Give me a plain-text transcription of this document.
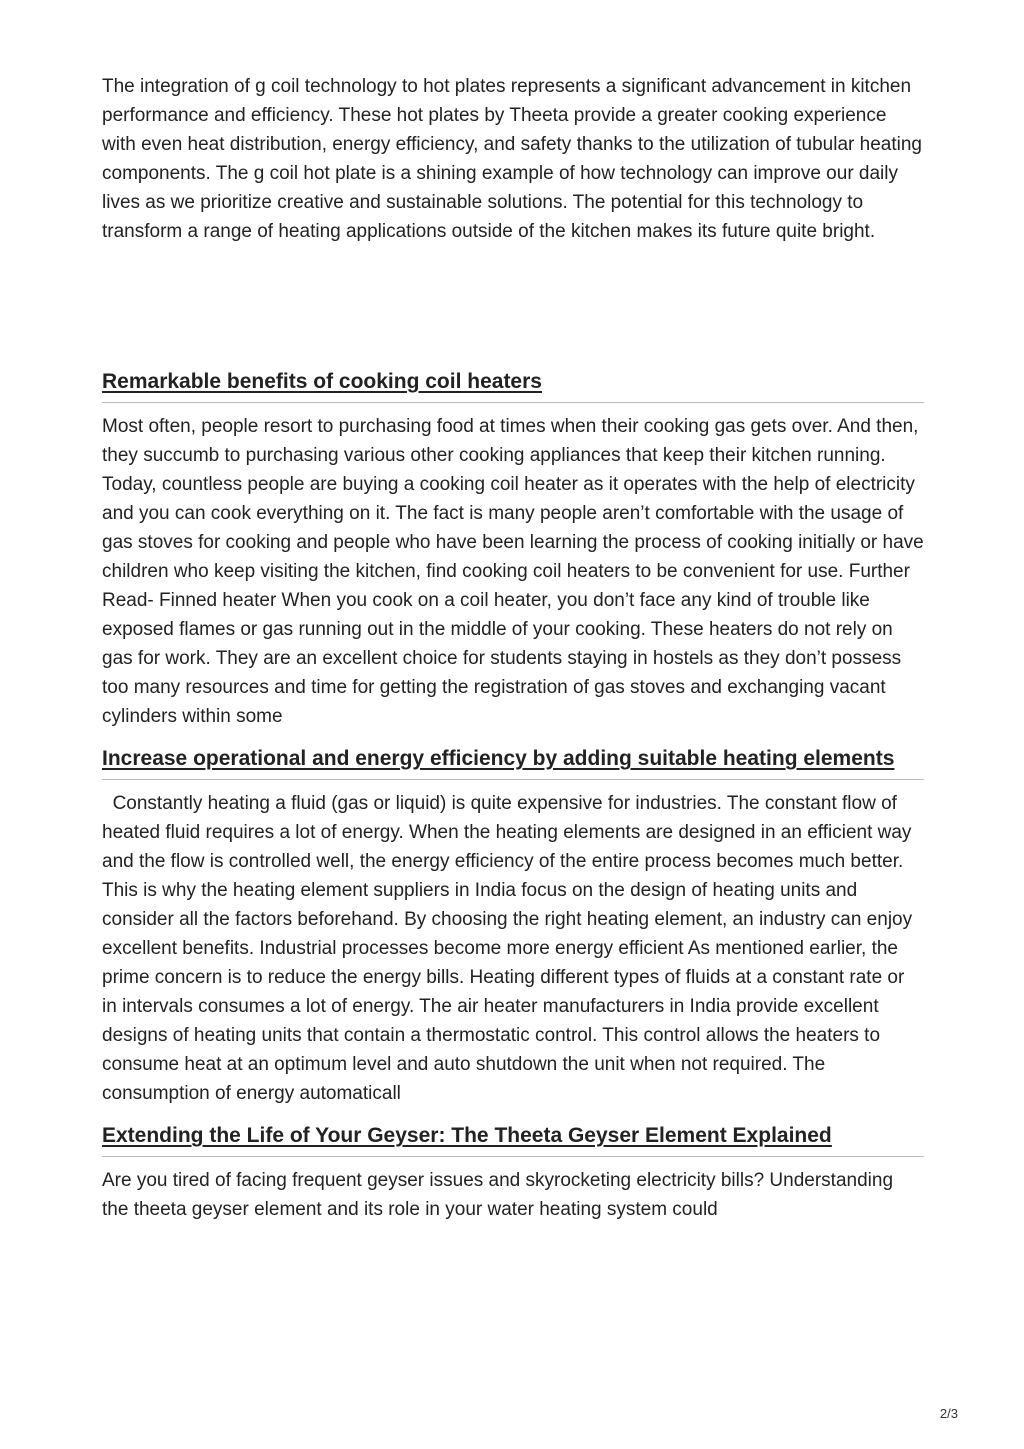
The integration of g coil technology to hot plates represents a significant advancement in kitchen performance and efficiency. These hot plates by Theeta provide a greater cooking experience with even heat distribution, energy efficiency, and safety thanks to the utilization of tubular heating components. The g coil hot plate is a shining example of how technology can improve our daily lives as we prioritize creative and sustainable solutions. The potential for this technology to transform a range of heating applications outside of the kitchen makes its future quite bright.

Remarkable benefits of cooking coil heaters

Most often, people resort to purchasing food at times when their cooking gas gets over. And then, they succumb to purchasing various other cooking appliances that keep their kitchen running. Today, countless people are buying a cooking coil heater as it operates with the help of electricity and you can cook everything on it. The fact is many people aren’t comfortable with the usage of gas stoves for cooking and people who have been learning the process of cooking initially or have children who keep visiting the kitchen, find cooking coil heaters to be convenient for use. Further Read- Finned heater When you cook on a coil heater, you don’t face any kind of trouble like exposed flames or gas running out in the middle of your cooking. These heaters do not rely on gas for work. They are an excellent choice for students staying in hostels as they don’t possess too many resources and time for getting the registration of gas stoves and exchanging vacant cylinders within some

Increase operational and energy efficiency by adding suitable heating elements

Constantly heating a fluid (gas or liquid) is quite expensive for industries. The constant flow of heated fluid requires a lot of energy. When the heating elements are designed in an efficient way and the flow is controlled well, the energy efficiency of the entire process becomes much better. This is why the heating element suppliers in India focus on the design of heating units and consider all the factors beforehand. By choosing the right heating element, an industry can enjoy excellent benefits. Industrial processes become more energy efficient As mentioned earlier, the prime concern is to reduce the energy bills. Heating different types of fluids at a constant rate or in intervals consumes a lot of energy. The air heater manufacturers in India provide excellent designs of heating units that contain a thermostatic control. This control allows the heaters to consume heat at an optimum level and auto shutdown the unit when not required. The consumption of energy automaticall

Extending the Life of Your Geyser: The Theeta Geyser Element Explained

Are you tired of facing frequent geyser issues and skyrocketing electricity bills? Understanding the theeta geyser element and its role in your water heating system could

2/3
